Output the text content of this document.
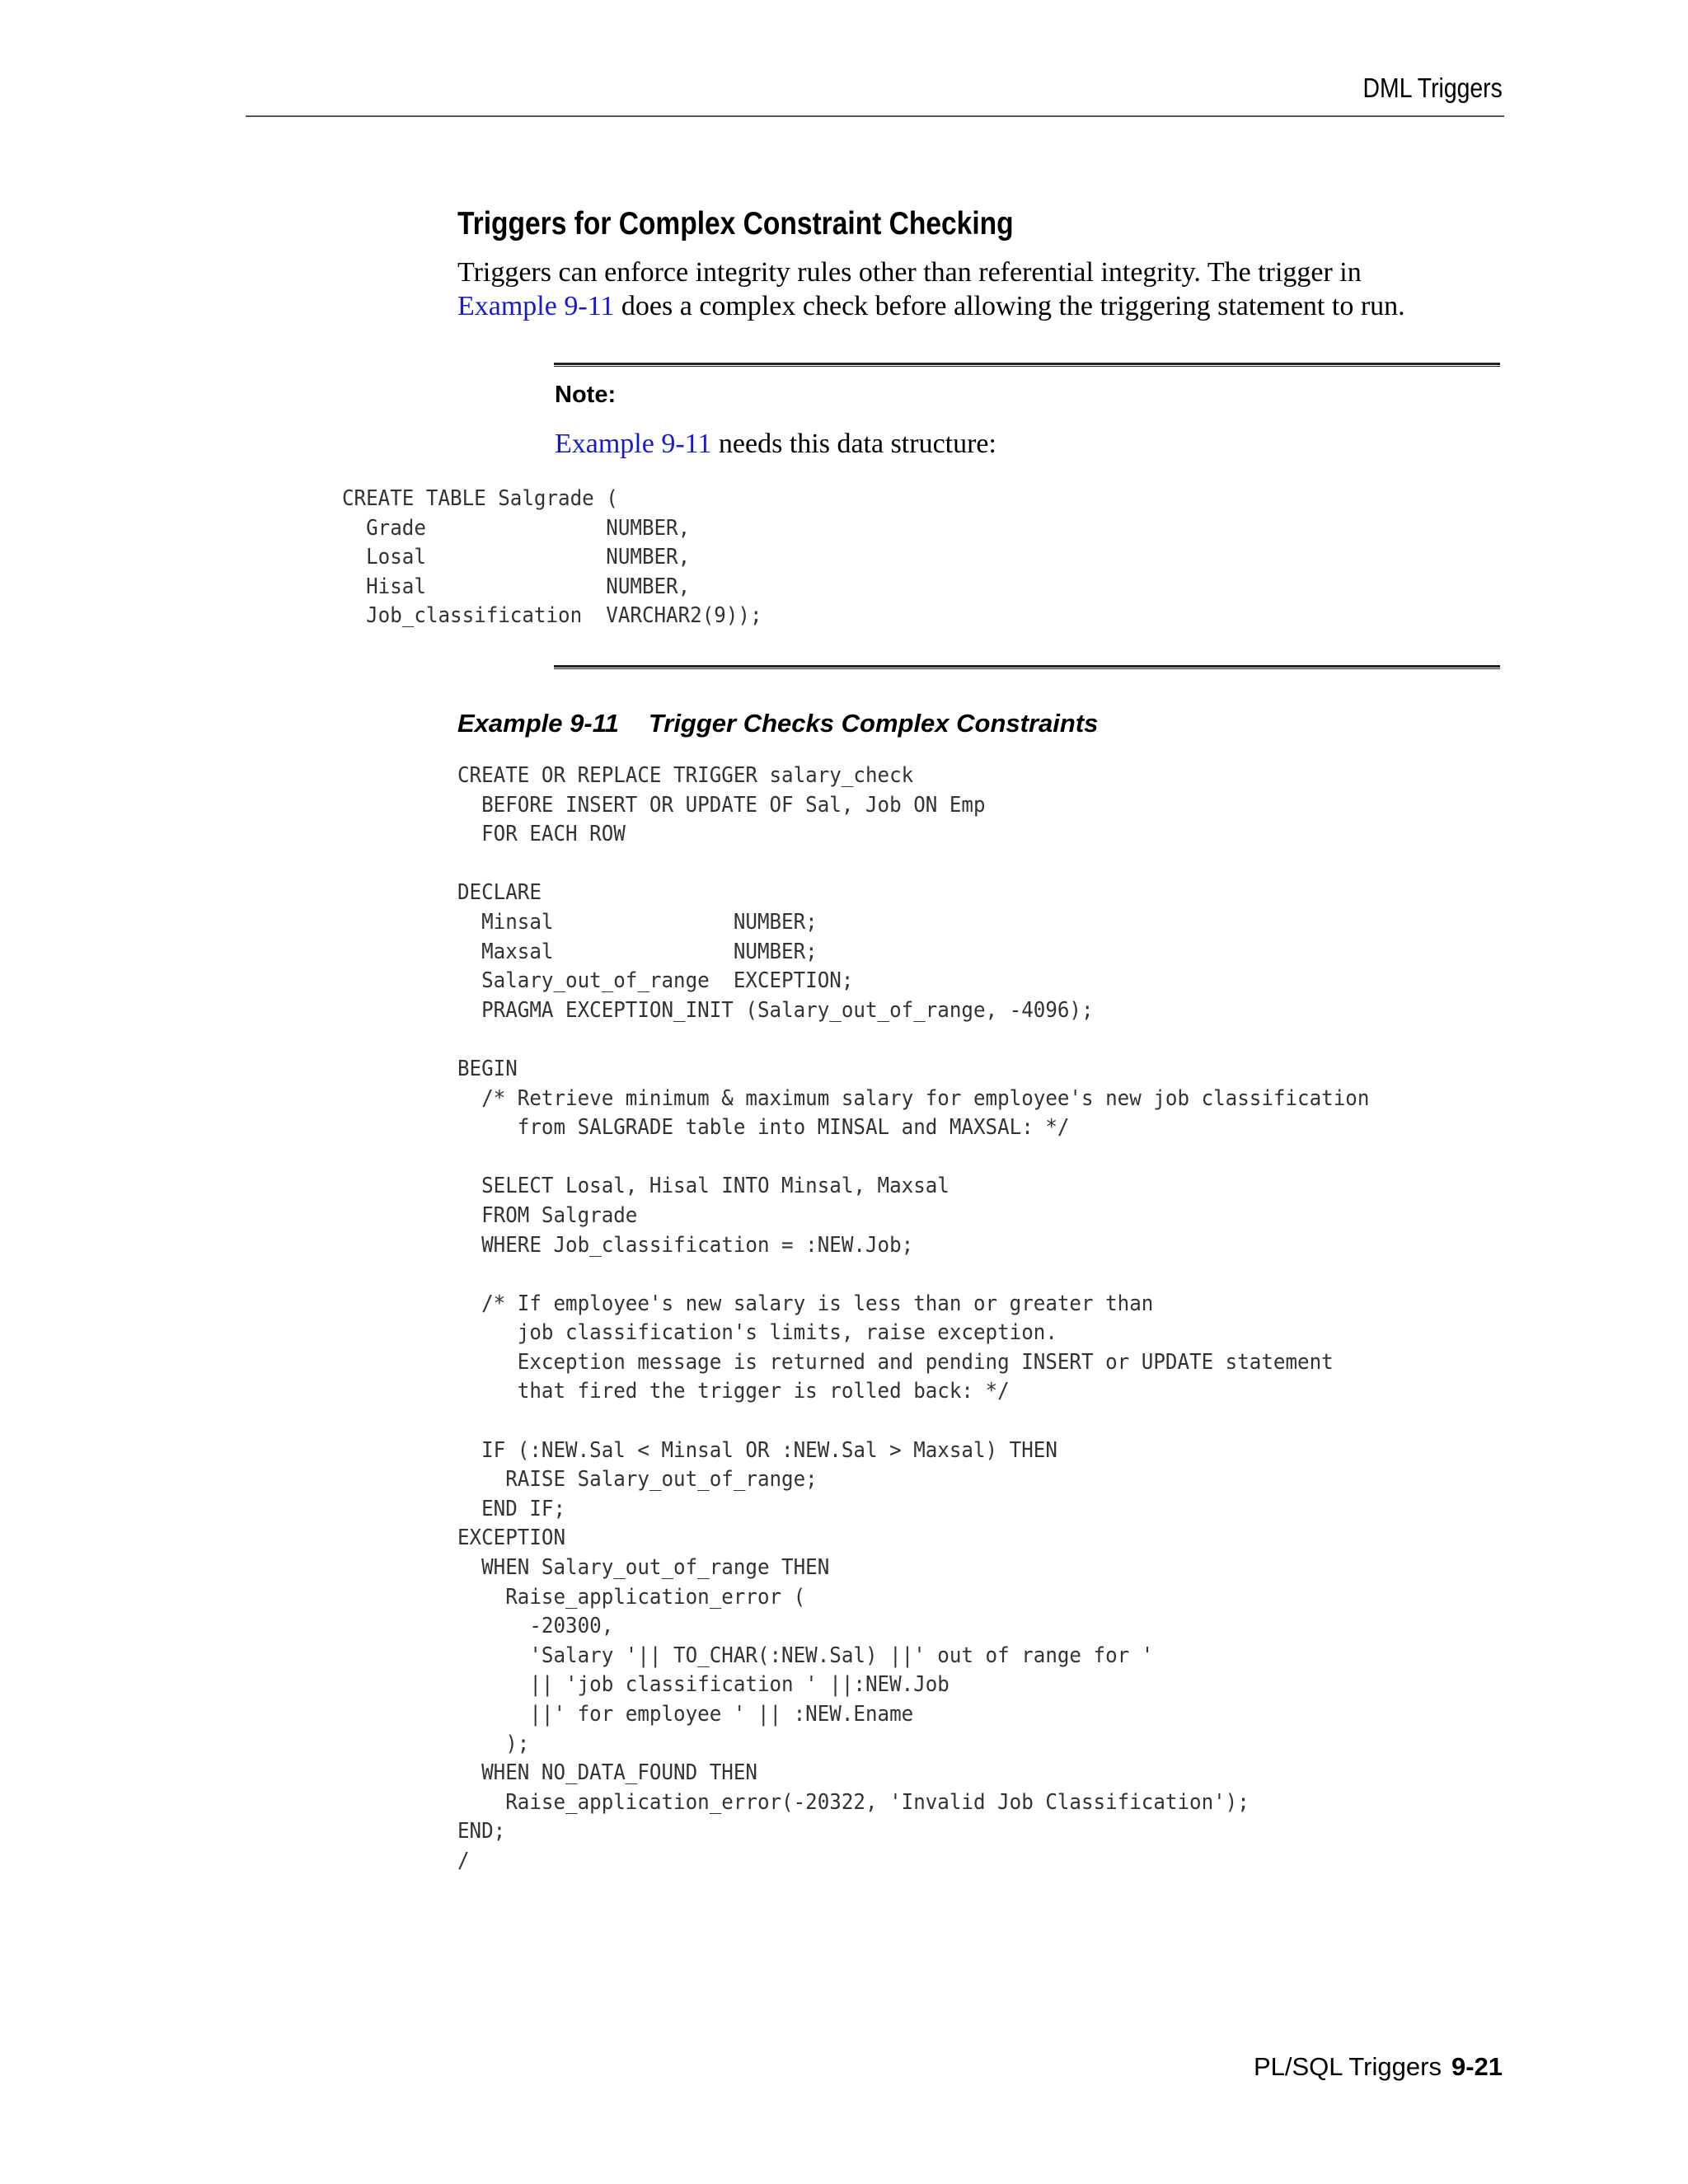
DML Triggers
Triggers for Complex Constraint Checking
Triggers can enforce integrity rules other than referential integrity. The trigger in
Example 9-11 does a complex check before allowing the triggering statement to run.
Note:
Example 9-11 needs this data structure:
CREATE TABLE Salgrade (
Grade               NUMBER,
Losal               NUMBER,
Hisal               NUMBER,
Job_classification  VARCHAR2(9));
Example 9-11 Trigger Checks Complex Constraints
CREATE OR REPLACE TRIGGER salary_check
BEFORE INSERT OR UPDATE OF Sal, Job ON Emp
FOR EACH ROW
DECLARE
Minsal               NUMBER;
Maxsal               NUMBER;
Salary_out_of_range  EXCEPTION;
PRAGMA EXCEPTION_INIT (Salary_out_of_range, -4096);
BEGIN
/* Retrieve minimum & maximum salary for employee's new job classification
from SALGRADE table into MINSAL and MAXSAL: */
SELECT Losal, Hisal INTO Minsal, Maxsal
FROM Salgrade
WHERE Job_classification = :NEW.Job;
/* If employee's new salary is less than or greater than
job classification's limits, raise exception.
Exception message is returned and pending INSERT or UPDATE statement
that fired the trigger is rolled back: */
IF (:NEW.Sal < Minsal OR :NEW.Sal > Maxsal) THEN
RAISE Salary_out_of_range;
END IF;
EXCEPTION
WHEN Salary_out_of_range THEN
Raise_application_error (
-20300,
'Salary '|| TO_CHAR(:NEW.Sal) ||' out of range for '
|| 'job classification ' ||:NEW.Job
||' for employee ' || :NEW.Ename
);
WHEN NO_DATA_FOUND THEN
Raise_application_error(-20322, 'Invalid Job Classification');
END;
/
PL/SQL Triggers 9-21
